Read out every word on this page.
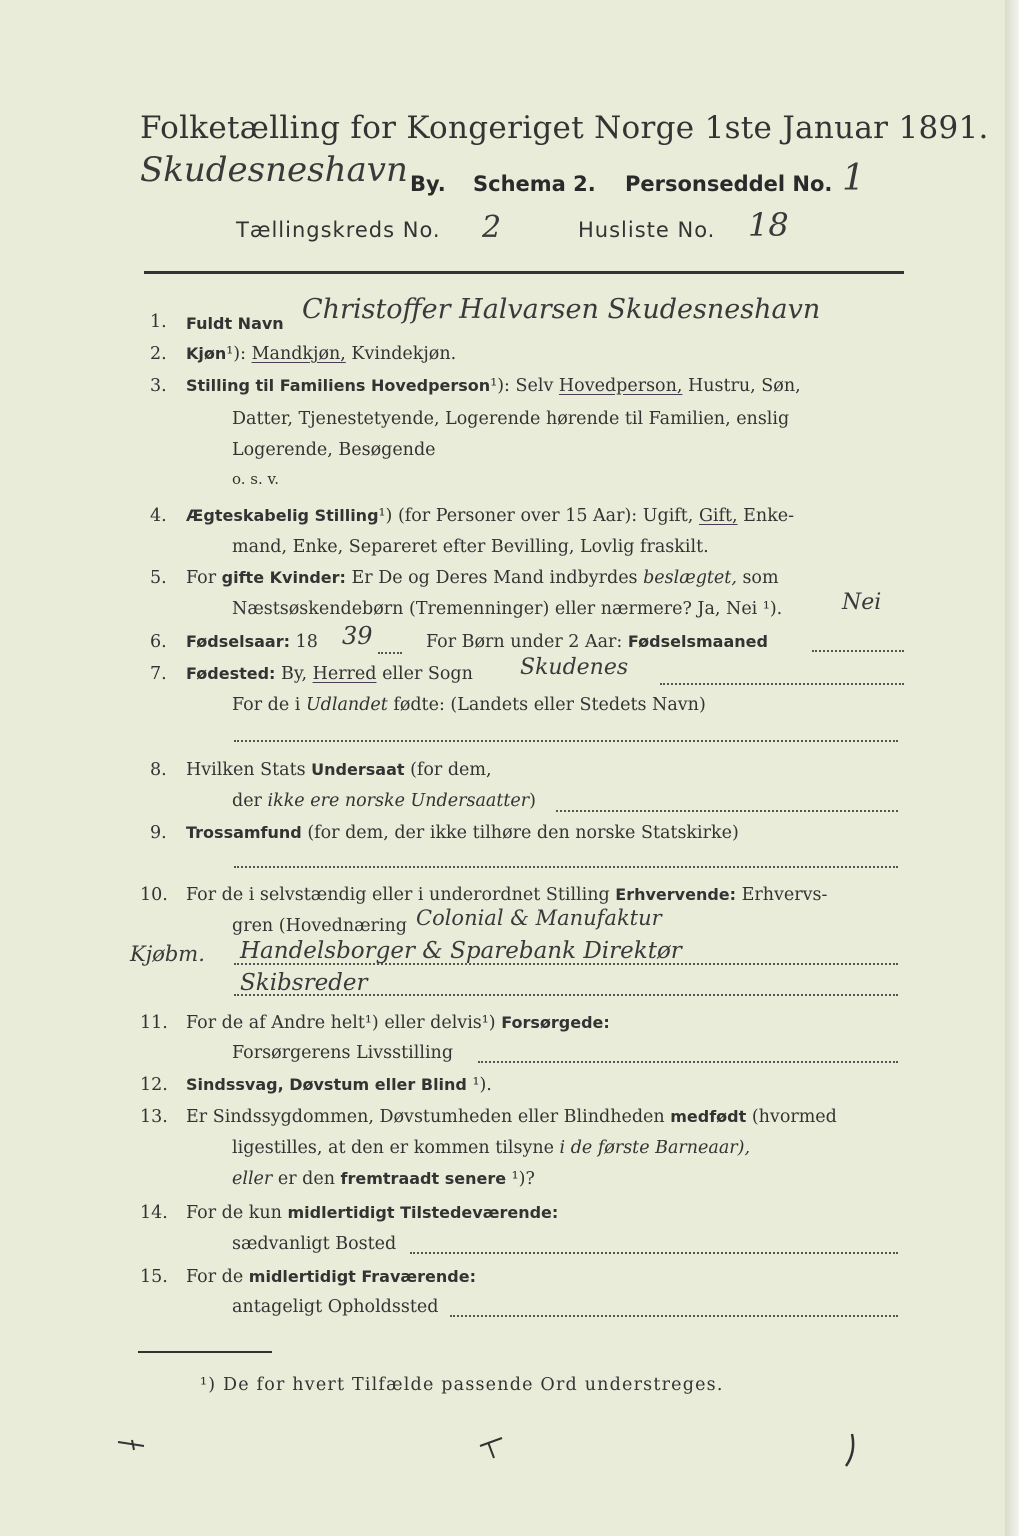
Folketælling for Kongeriget Norge 1ste Januar 1891.
Skudesneshavn By. Schema 2. Personseddel No. 1
Tællingskreds No. 2	Husliste No. 18
1. Fuldt Navn Christoffer Halvarsen Skudesneshavn
2. Kjøn¹): Mandkjøn, Kvindekjøn.
3. Stilling til Familiens Hovedperson¹): Selv Hovedperson, Hustru, Søn,
Datter, Tjenestetyende, Logerende hørende til Familien, enslig
Logerende, Besøgende
o. s. v.
4. Ægteskabelig Stilling¹) (for Personer over 15 Aar): Ugift, Gift, Enke-
mand, Enke, Separeret efter Bevilling, Lovlig fraskilt.
5. For gifte Kvinder: Er De og Deres Mand indbyrdes beslægtet, som
Næstsøskendebørn (Tremenninger) eller nærmere? Ja, Nei ¹).	Nei
6. Fødselsaar: 18 39	For Børn under 2 Aar: Fødselsmaaned
7. Fødested: By, Herred eller Sogn Skudenes
For de i Udlandet fødte: (Landets eller Stedets Navn)
8. Hvilken Stats Undersaat (for dem,
der ikke ere norske Undersaatter)
9. Trossamfund (for dem, der ikke tilhøre den norske Statskirke)
10. For de i selvstændig eller i underordnet Stilling Erhvervende: Erhvervs-
gren (Hovednæring Colonial & Manufaktur
Kjøbm. Handelsborger & Sparebank Direktør
Skibsreder
11. For de af Andre helt¹) eller delvis¹) Forsørgede:
Forsørgerens Livsstilling
12. Sindssvag, Døvstum eller Blind ¹).
13. Er Sindssygdommen, Døvstumheden eller Blindheden medfødt (hvormed
ligestilles, at den er kommen tilsyne i de første Barneaar),
eller er den fremtraadt senere ¹)?
14. For de kun midlertidigt Tilstedeværende:
sædvanligt Bosted
15. For de midlertidigt Fraværende:
antageligt Opholdssted
¹) De for hvert Tilfælde passende Ord understreges.
